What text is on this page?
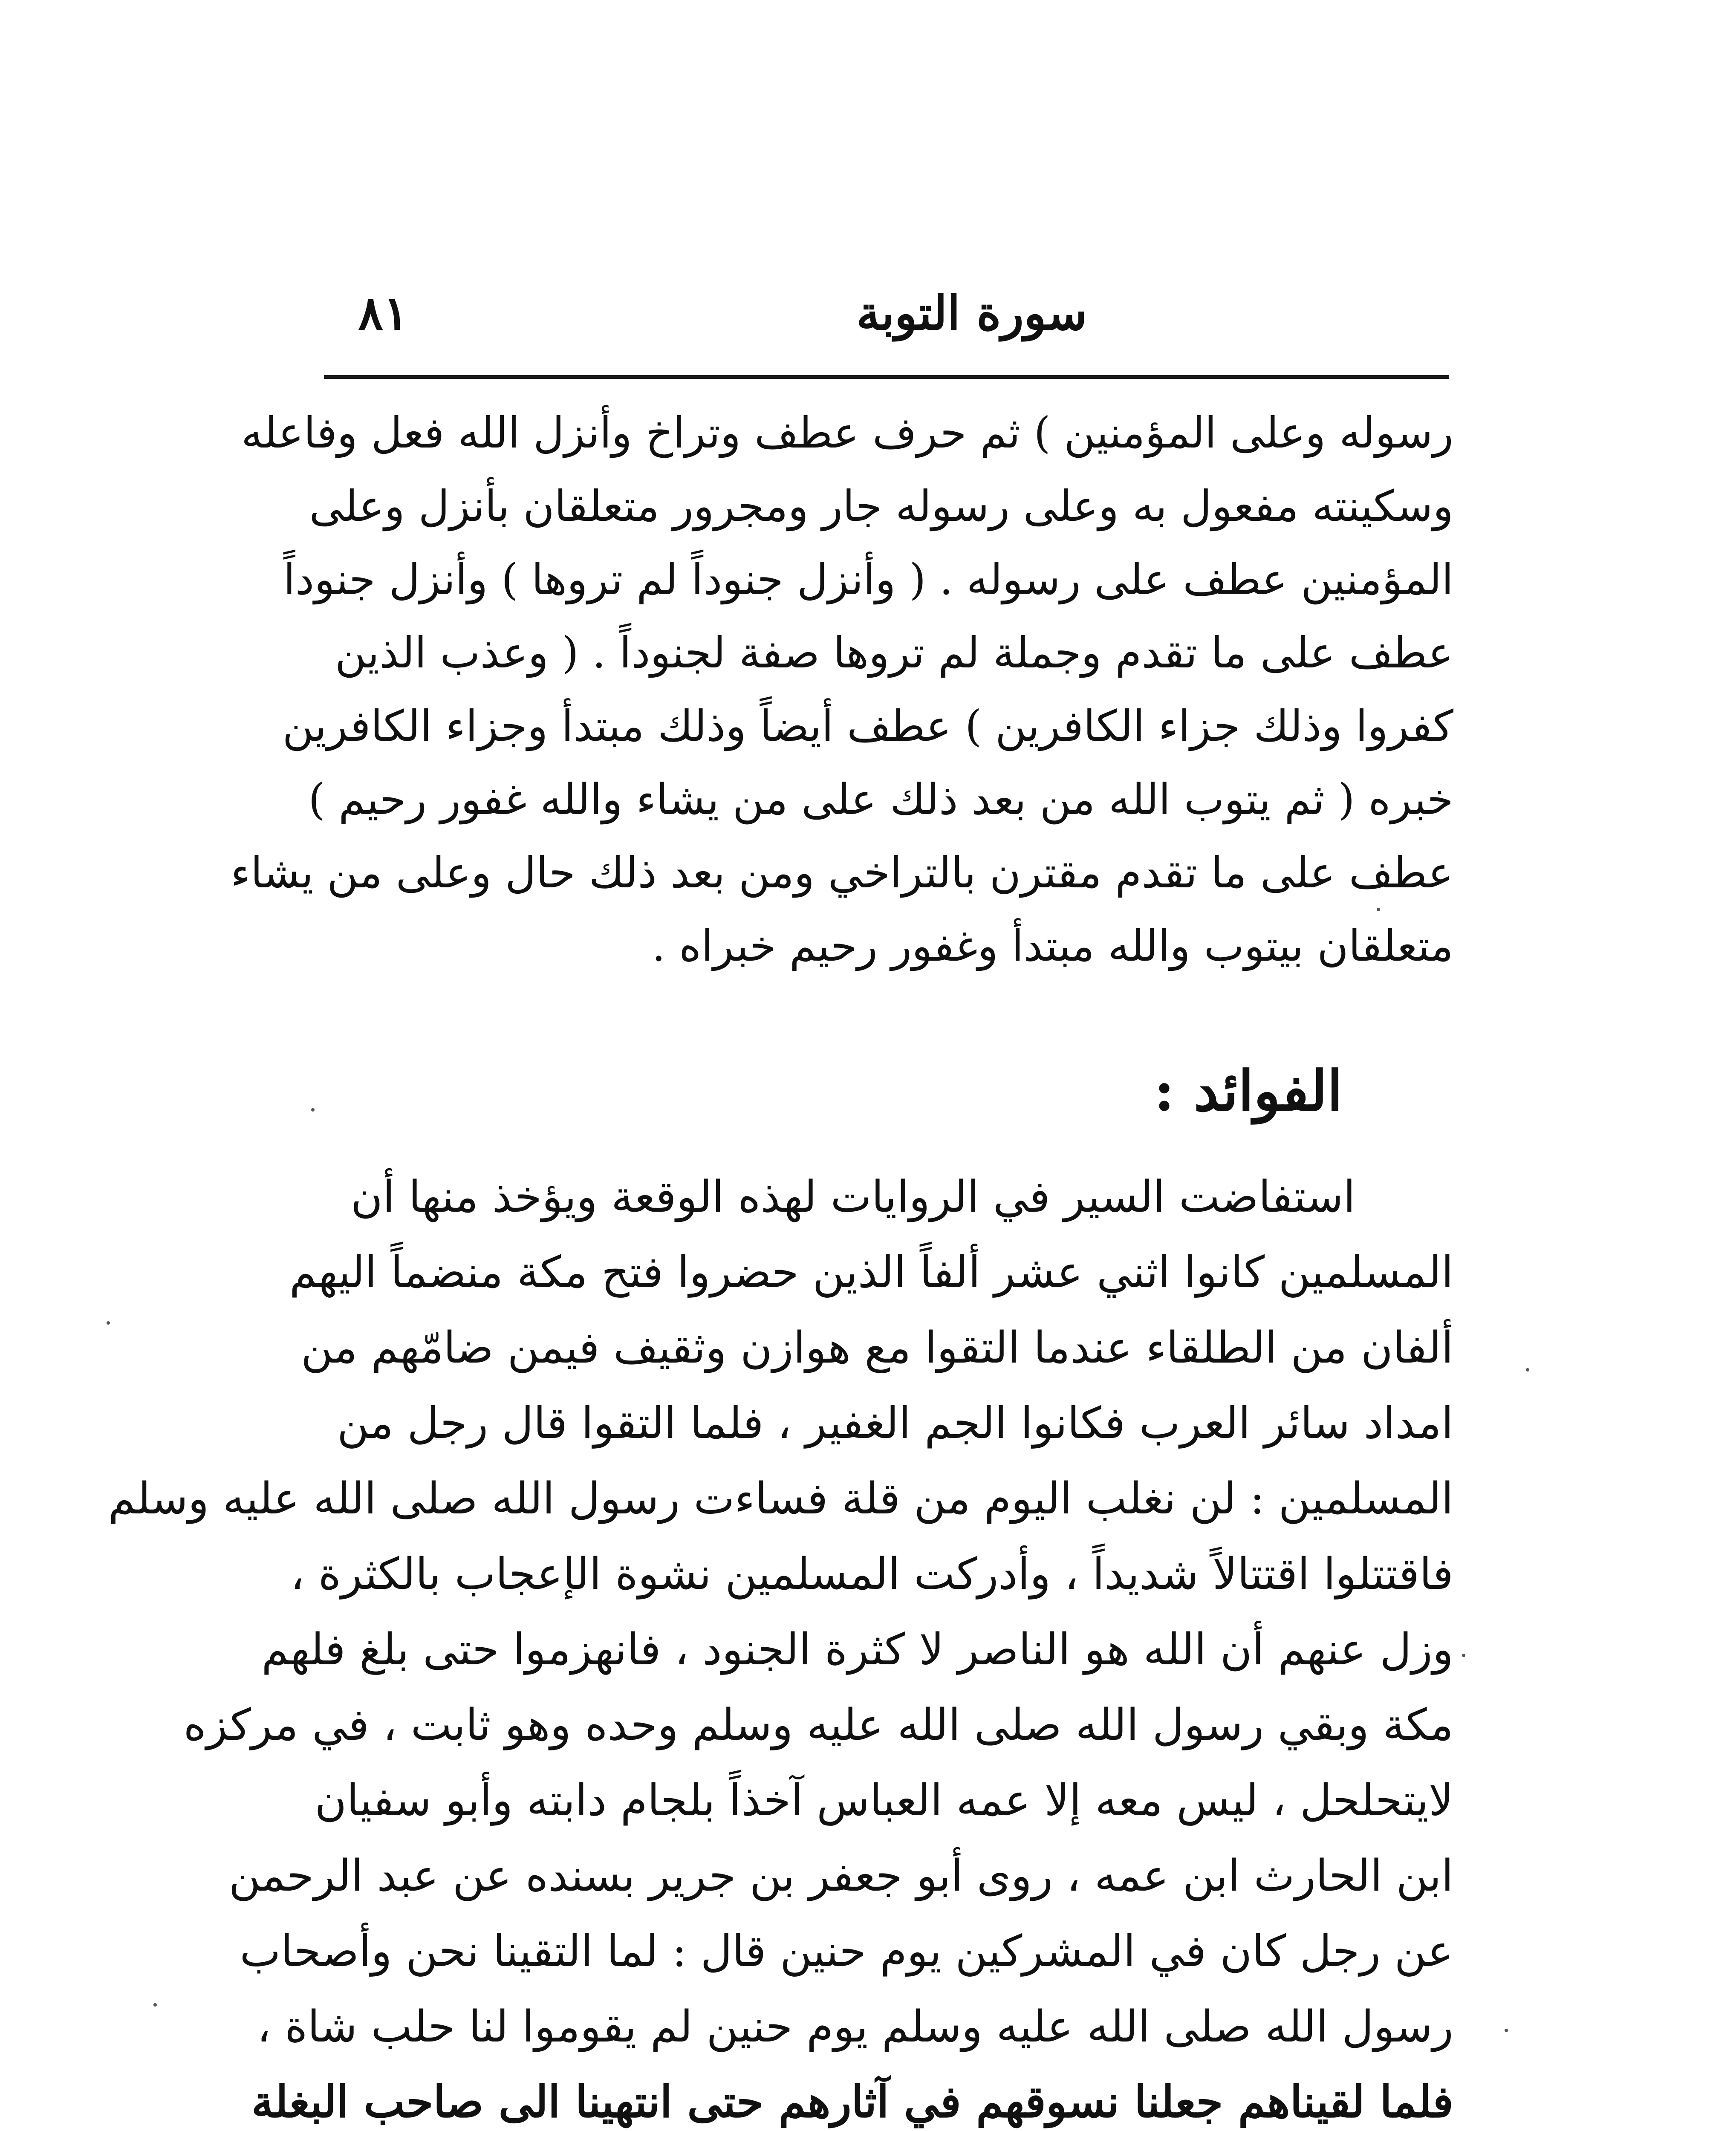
٨١	سورة التوبة
رسوله وعلى المؤمنين ) ثم حرف عطف وتراخ وأنزل الله فعل وفاعله
وسكينته مفعول به وعلى رسوله جار ومجرور متعلقان بأنزل وعلى
المؤمنين عطف على رسوله . ( وأنزل جنوداً لم تروها ) وأنزل جنوداً
عطف على ما تقدم وجملة لم تروها صفة لجنوداً . ( وعذب الذين
كفروا وذلك جزاء الكافرين ) عطف أيضاً وذلك مبتدأ وجزاء الكافرين
خبره ( ثم يتوب الله من بعد ذلك على من يشاء والله غفور رحيم )
عطف على ما تقدم مقترن بالتراخي ومن بعد ذلك حال وعلى من يشاء
متعلقان بيتوب والله مبتدأ وغفور رحيم خبراه .
الفوائد :
استفاضت السير في الروايات لهذه الوقعة ويؤخذ منها أن
المسلمين كانوا اثني عشر ألفاً الذين حضروا فتح مكة منضماً اليهم
ألفان من الطلقاء عندما التقوا مع هوازن وثقيف فيمن ضامّهم من
امداد سائر العرب فكانوا الجم الغفير ، فلما التقوا قال رجل من
المسلمين : لن نغلب اليوم من قلة فساءت رسول الله صلى الله عليه وسلم
فاقتتلوا اقتتالاً شديداً ، وأدركت المسلمين نشوة الإعجاب بالكثرة ،
وزل عنهم أن الله هو الناصر لا كثرة الجنود ، فانهزموا حتى بلغ فلهم
مكة وبقي رسول الله صلى الله عليه وسلم وحده وهو ثابت ، في مركزه
لايتحلحل ، ليس معه إلا عمه العباس آخذاً بلجام دابته وأبو سفيان
ابن الحارث ابن عمه ، روى أبو جعفر بن جرير بسنده عن عبد الرحمن
عن رجل كان في المشركين يوم حنين قال : لما التقينا نحن وأصحاب
رسول الله صلى الله عليه وسلم يوم حنين لم يقوموا لنا حلب شاة ،
فلما لقيناهم جعلنا نسوقهم في آثارهم حتى انتهينا الى صاحب البغلة
